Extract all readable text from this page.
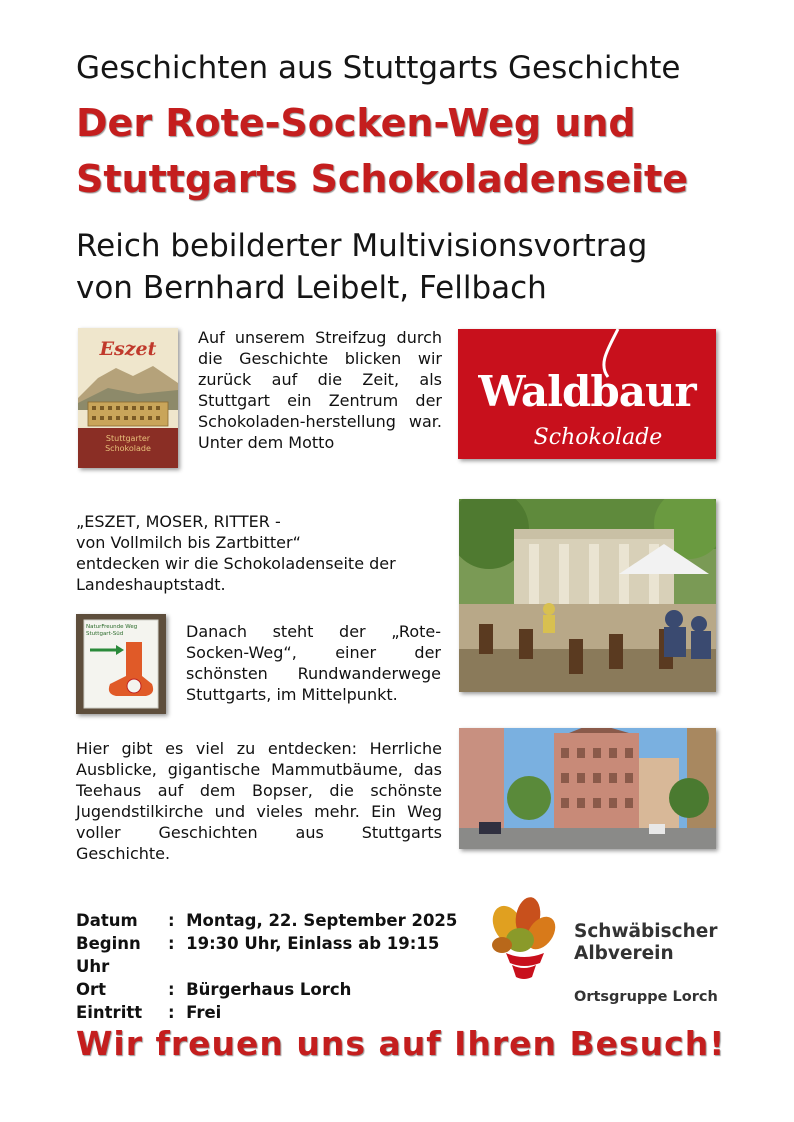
Geschichten aus Stuttgarts Geschichte
Der Rote-Socken-Weg und
Stuttgarts Schokoladenseite
Reich bebilderter Multivisionsvortrag
von Bernhard Leibelt, Fellbach
Eszet
Stuttgarter
Schokolade
Auf unserem Streifzug durch die Geschichte blicken wir zurück auf die Zeit, als Stuttgart ein Zentrum der Schokoladen-herstellung war. Unter dem Motto
Waldbaur
Schokolade
„ESZET, MOSER, RITTER -
von Vollmilch bis Zartbitter“
entdecken wir die Schokoladenseite der
Landeshauptstadt.
NaturFreunde Weg
Stuttgart-Süd	Danach steht der „Rote-Socken-Weg“, einer der schönsten Rundwanderwege Stuttgarts, im Mittelpunkt.
Hier gibt es viel zu entdecken: Herrliche Ausblicke, gigantische Mammutbäume, das Teehaus auf dem Bopser, die schönste Jugendstilkirche und vieles mehr. Ein Weg voller Geschichten aus Stuttgarts Geschichte.
Datum : Montag, 22. September 2025
Beginn : 19:30 Uhr, Einlass ab 19:15 Uhr
Ort	: Bürgerhaus Lorch
Eintritt : Frei
Schwäbischer
Albverein
Ortsgruppe Lorch
Wir freuen uns auf Ihren Besuch!
